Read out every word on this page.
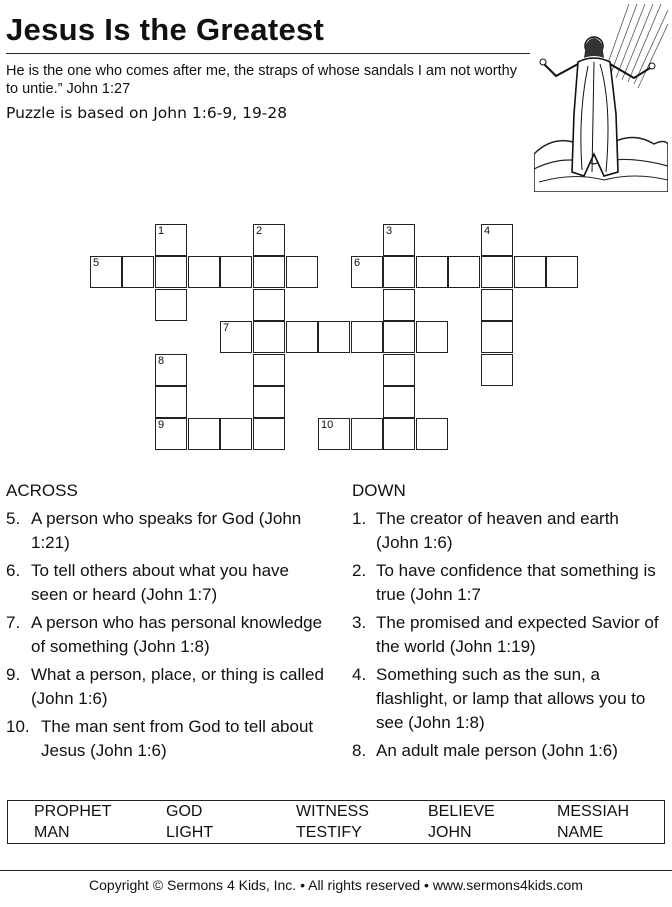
Jesus Is the Greatest
He is the one who comes after me, the straps of whose sandals I am not worthy to untie.” John 1:27
Puzzle is based on John 1:6-9, 19-28
1	2	3	4
5	6
7
8
9	10
ACROSS
5. A person who speaks for God (John 1:21)
6. To tell others about what you have seen or heard (John 1:7)
7. A person who has personal knowledge of something (John 1:8)
9. What a person, place, or thing is called (John 1:6)
10. The man sent from God to tell about Jesus (John 1:6)
DOWN
1. The creator of heaven and earth (John 1:6)
2. To have confidence that something is true (John 1:7
3. The promised and expected Savior of the world (John 1:19)
4. Something such as the sun, a flashlight, or lamp that allows you to see (John 1:8)
8. An adult male person (John 1:6)
PROPHET	GOD	WITNESS	BELIEVE	MESSIAH
MAN	LIGHT	TESTIFY	JOHN	NAME
Copyright © Sermons 4 Kids, Inc. • All rights reserved • www.sermons4kids.com
